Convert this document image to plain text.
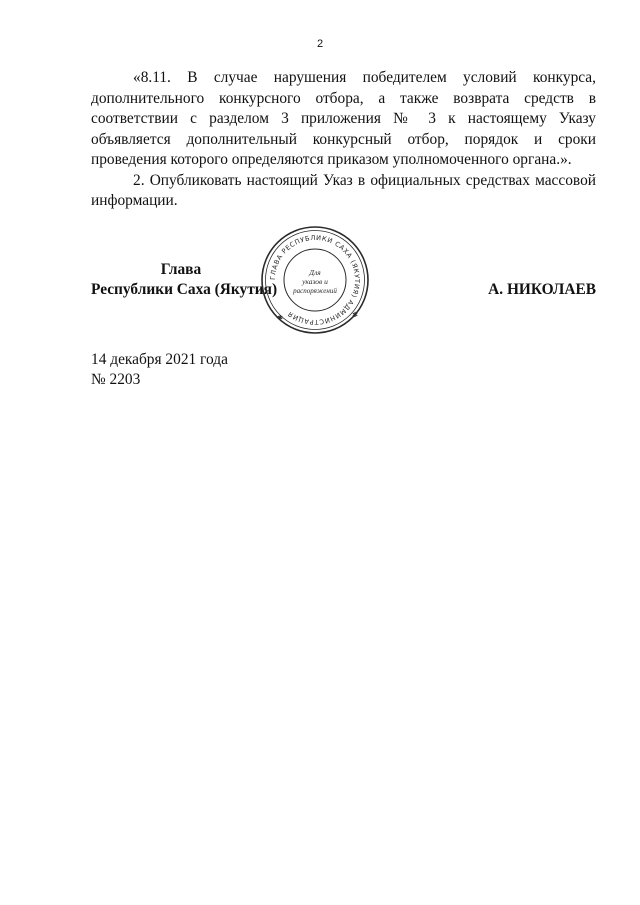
2

«8.11. В случае нарушения победителем условий конкурса, дополнительного конкурсного отбора, а также возврата средств в соответствии с разделом 3 приложения № 3 к настоящему Указу объявляется дополнительный конкурсный отбор, порядок и сроки проведения которого определяются приказом уполномоченного органа.».

2. Опубликовать настоящий Указ в официальных средствах массовой информации.

Глава
Республики Саха (Якутия)
ГЛАВА РЕСПУБЛИКИ САХА (ЯКУТИЯ) АДМИНИСТРАЦИЯ	✱
✱
Для
указов и
распоряжений	А. НИКОЛАЕВ
14 декабря 2021 года
№ 2203
